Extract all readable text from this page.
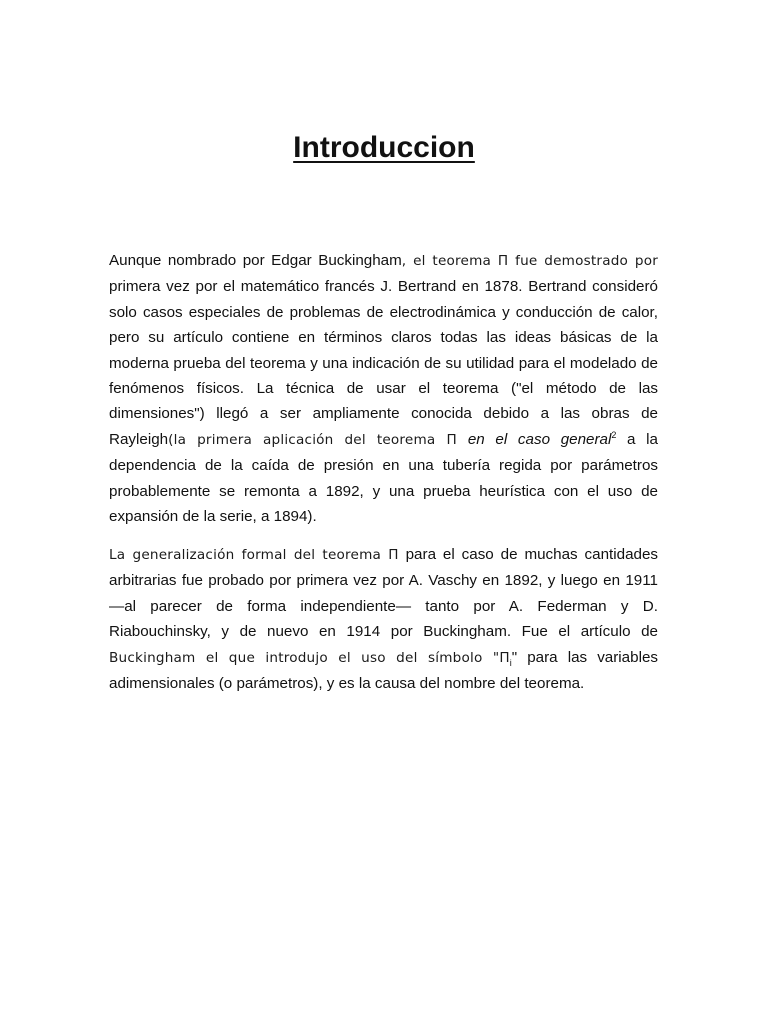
Introduccion

Aunque nombrado por Edgar Buckingham, el teorema Π fue demostrado por primera vez por el matemático francés J. Bertrand en 1878. Bertrand consideró solo casos especiales de problemas de electrodinámica y conducción de calor, pero su artículo contiene en términos claros todas las ideas básicas de la moderna prueba del teorema y una indicación de su utilidad para el modelado de fenómenos físicos. La técnica de usar el teorema ("el método de las dimensiones") llegó a ser ampliamente conocida debido a las obras de Rayleigh(la primera aplicación del teorema Π en el caso general$^2$ a la dependencia de la caída de presión en una tubería regida por parámetros probablemente se remonta a 1892, y una prueba heurística con el uso de expansión de la serie, a 1894).

La generalización formal del teorema Π para el caso de muchas cantidades arbitrarias fue probado por primera vez por A. Vaschy en 1892, y luego en 1911 —al parecer de forma independiente— tanto por A. Federman y D. Riabouchinsky, y de nuevo en 1914 por Buckingham. Fue el artículo de Buckingham el que introdujo el uso del símbolo "$\Pi_i$" para las variables adimensionales (o parámetros), y es la causa del nombre del teorema.
